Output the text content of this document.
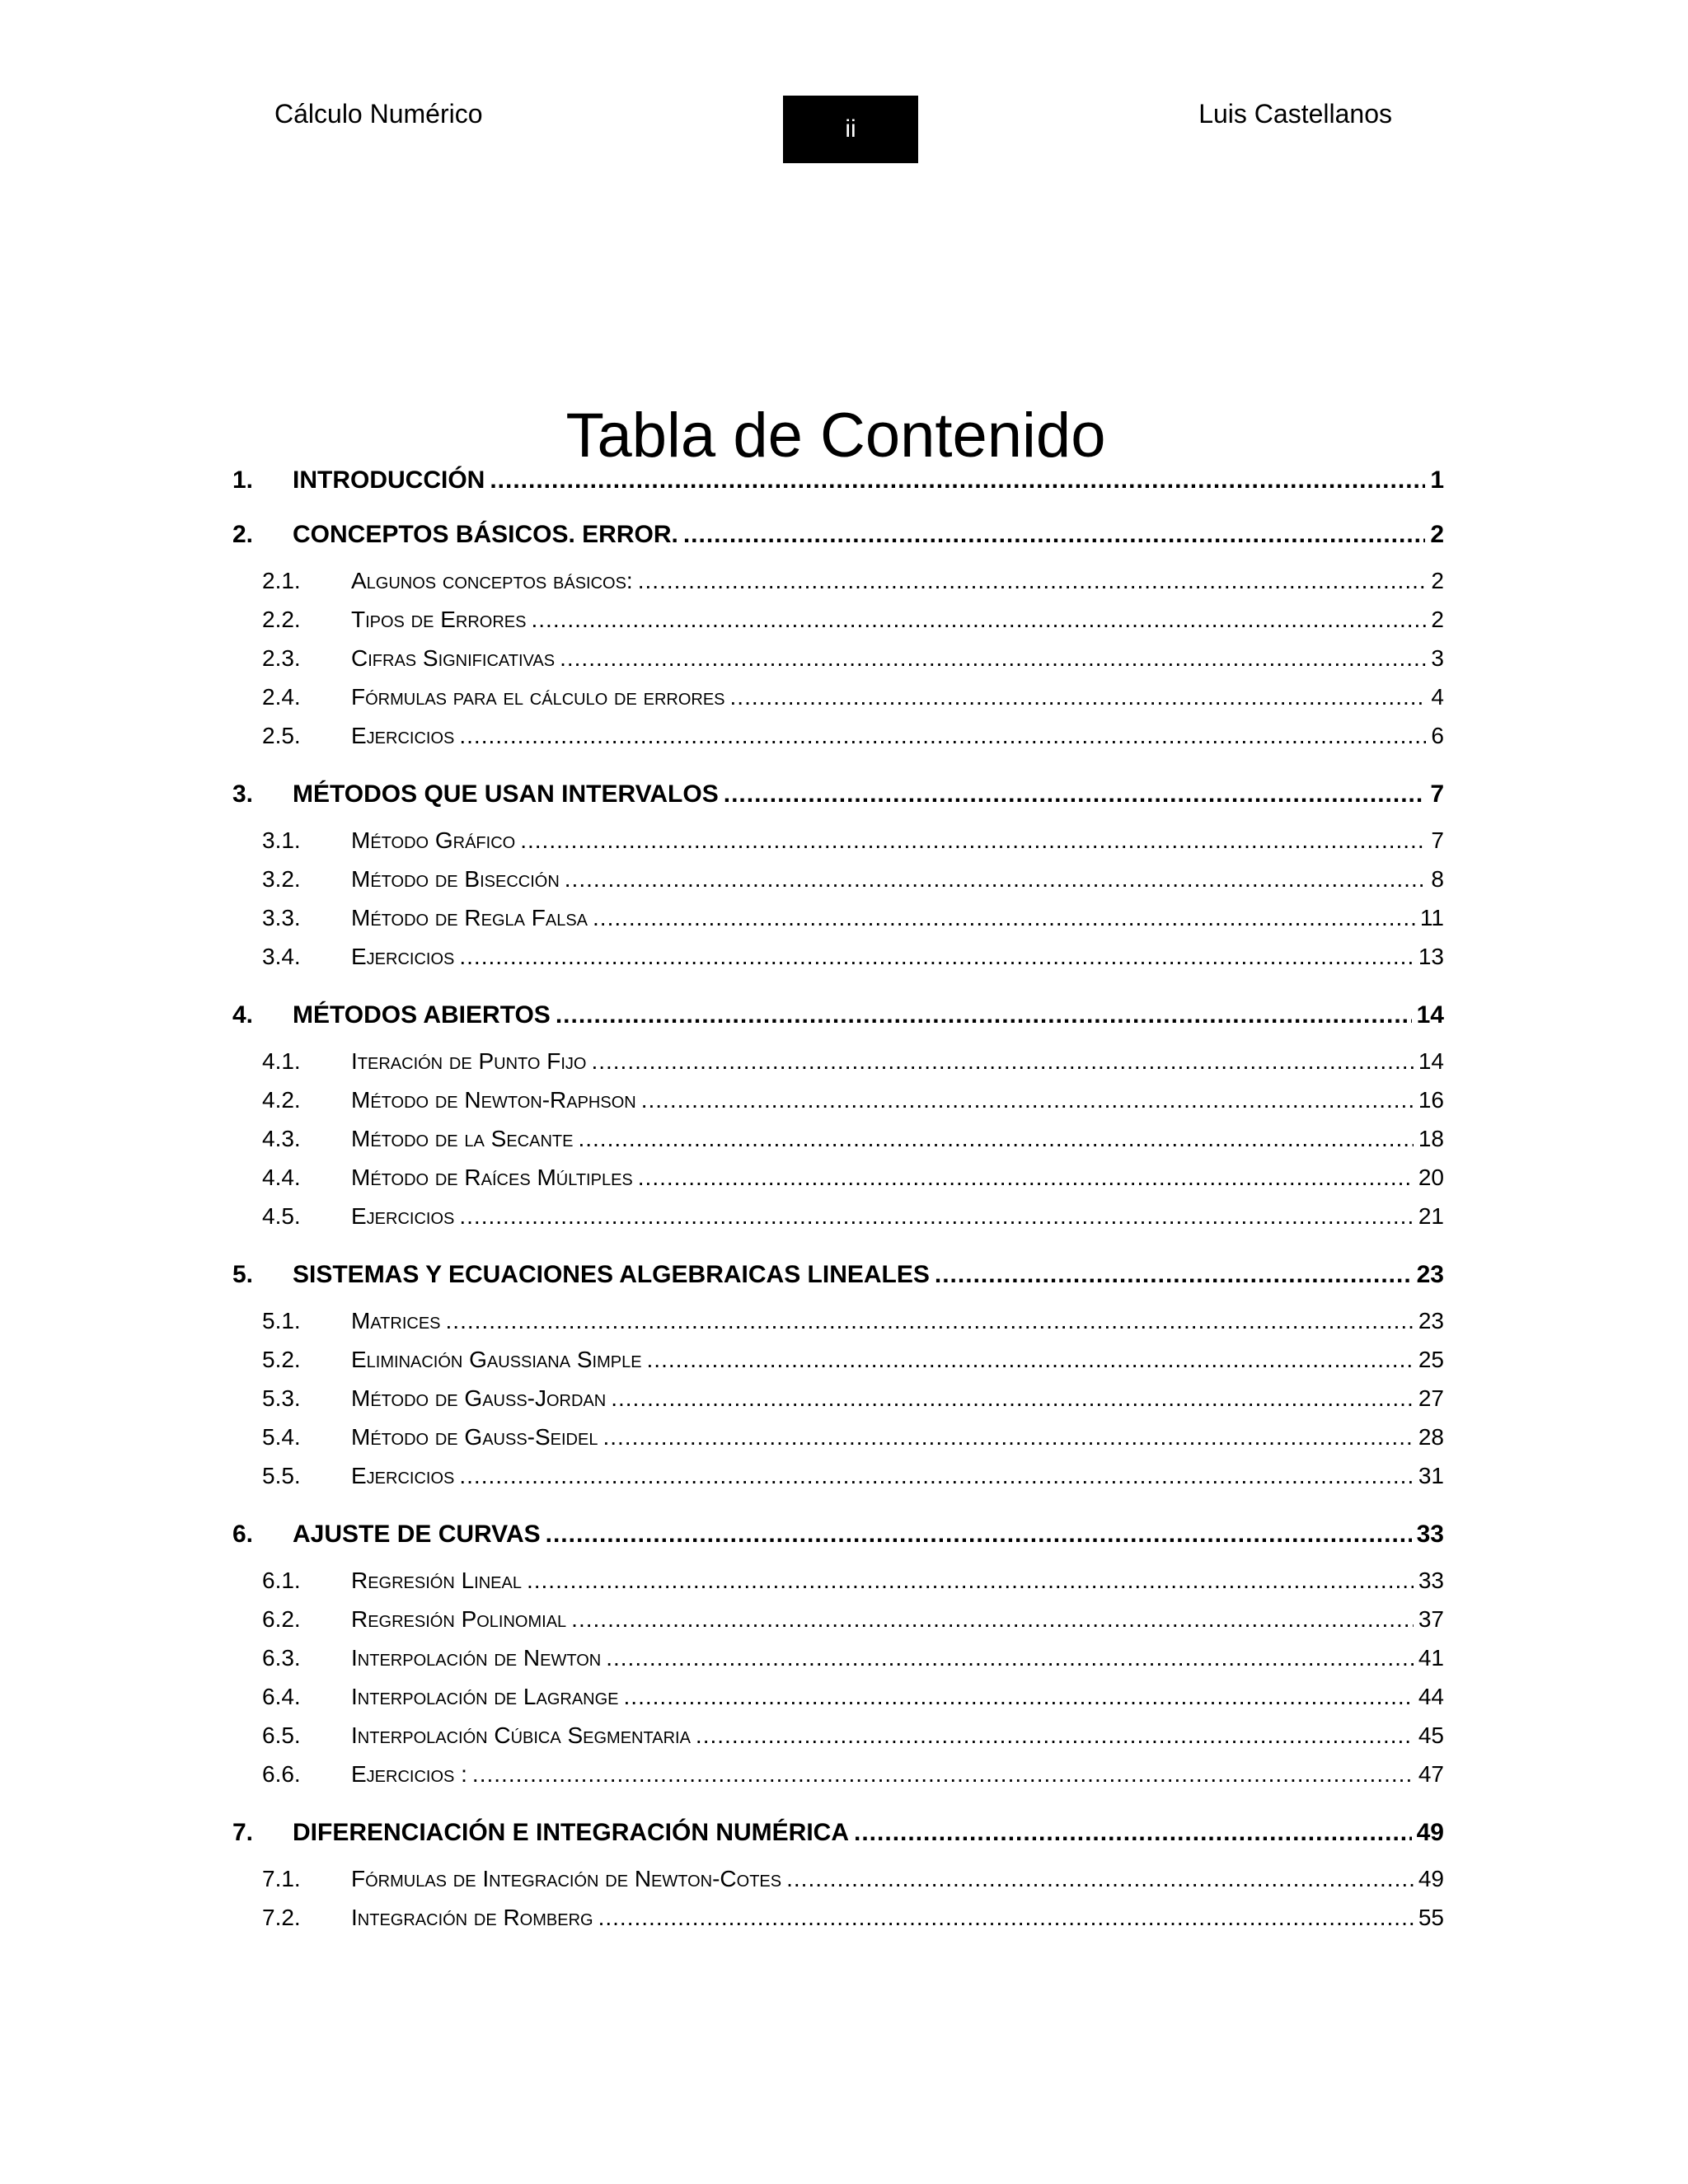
Cálculo Numérico
ii
Luis Castellanos
Tabla de Contenido
1.	INTRODUCCIÓN .....	1
2.	CONCEPTOS BÁSICOS. ERROR. .....	2
2.1.	Algunos conceptos básicos: .....	2
2.2.	Tipos de Errores .....	2
2.3.	Cifras Significativas .....	3
2.4.	Fórmulas para el cálculo de errores .....	4
2.5.	Ejercicios .....	6
3.	MÉTODOS QUE USAN INTERVALOS .....	7
3.1.	Método Gráfico .....	7
3.2.	Método de Bisección .....	8
3.3.	Método de Regla Falsa .....	11
3.4.	Ejercicios .....	13
4.	MÉTODOS ABIERTOS .....	14
4.1.	Iteración de Punto Fijo .....	14
4.2.	Método de Newton-Raphson .....	16
4.3.	Método de la Secante .....	18
4.4.	Método de Raíces Múltiples .....	20
4.5.	Ejercicios .....	21
5.	SISTEMAS Y ECUACIONES ALGEBRAICAS LINEALES .....	23
5.1.	Matrices .....	23
5.2.	Eliminación Gaussiana Simple .....	25
5.3.	Método de Gauss-Jordan .....	27
5.4.	Método de Gauss-Seidel .....	28
5.5.	Ejercicios .....	31
6.	AJUSTE DE CURVAS .....	33
6.1.	Regresión Lineal .....	33
6.2.	Regresión Polinomial .....	37
6.3.	Interpolación de Newton .....	41
6.4.	Interpolación de Lagrange .....	44
6.5.	Interpolación Cúbica Segmentaria .....	45
6.6.	Ejercicios : .....	47
7.	DIFERENCIACIÓN E INTEGRACIÓN NUMÉRICA .....	49
7.1.	Fórmulas de Integración de Newton-Cotes .....	49
7.2.	Integración de Romberg .....	55
